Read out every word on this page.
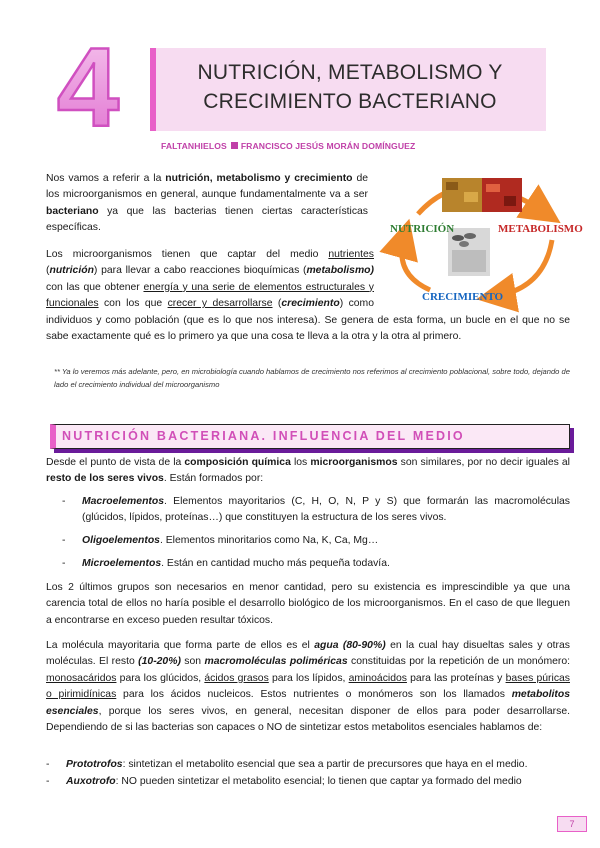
4	NUTRICIÓN, METABOLISMO Y
CRECIMIENTO BACTERIANO
FALTANHIELOS FRANCISCO JESÚS MORÁN DOMÍNGUEZ
Nos vamos a referir a la nutrición, metabolismo y crecimiento de los microorganismos en general, aunque fundamentalmente va a ser bacteriano ya que las bacterias tienen ciertas características específicas.
Los microorganismos tienen que captar del medio nutrientes (nutrición) para llevar a cabo reacciones bioquímicas (metabolismo) con las que obtener energía y una serie de elementos estructurales y funcionales con los que crecer y desarrollarse (crecimiento) como individuos y como población (que es lo que nos interesa). Se genera de esta forma, un bucle en el que no se sabe exactamente qué es lo primero ya que una cosa te lleva a la otra y la otra al primero.
** Ya lo veremos más adelante, pero, en microbiología cuando hablamos de crecimiento nos referimos al crecimiento poblacional, sobre todo, dejando de lado el crecimiento individual del microorganismo
NUTRICIÓN	METABOLISMO
CRECIMIENTO
NUTRICIÓN BACTERIANA. INFLUENCIA DEL MEDIO
Desde el punto de vista de la composición química los microorganismos son similares, por no decir iguales al resto de los seres vivos. Están formados por:
- Macroelementos. Elementos mayoritarios (C, H, O, N, P y S) que formarán las macromoléculas (glúcidos, lípidos, proteínas…) que constituyen la estructura de los seres vivos.
- Oligoelementos. Elementos minoritarios como Na, K, Ca, Mg…
- Microelementos. Están en cantidad mucho más pequeña todavía.
Los 2 últimos grupos son necesarios en menor cantidad, pero su existencia es imprescindible ya que una carencia total de ellos no haría posible el desarrollo biológico de los microorganismos. En el caso de que lleguen a encontrarse en exceso pueden resultar tóxicos.
La molécula mayoritaria que forma parte de ellos es el agua (80-90%) en la cual hay disueltas sales y otras moléculas. El resto (10-20%) son macromoléculas poliméricas constituidas por la repetición de un monómero: monosacáridos para los glúcidos, ácidos grasos para los lípidos, aminoácidos para las proteínas y bases púricas o pirimidínicas para los ácidos nucleicos. Estos nutrientes o monómeros son los llamados metabolitos esenciales, porque los seres vivos, en general, necesitan disponer de ellos para poder desarrollarse. Dependiendo de si las bacterias son capaces o NO de sintetizar estos metabolitos esenciales hablamos de:
- Prototrofos: sintetizan el metabolito esencial que sea a partir de precursores que haya en el medio.
- Auxotrofo: NO pueden sintetizar el metabolito esencial; lo tienen que captar ya formado del medio
7
